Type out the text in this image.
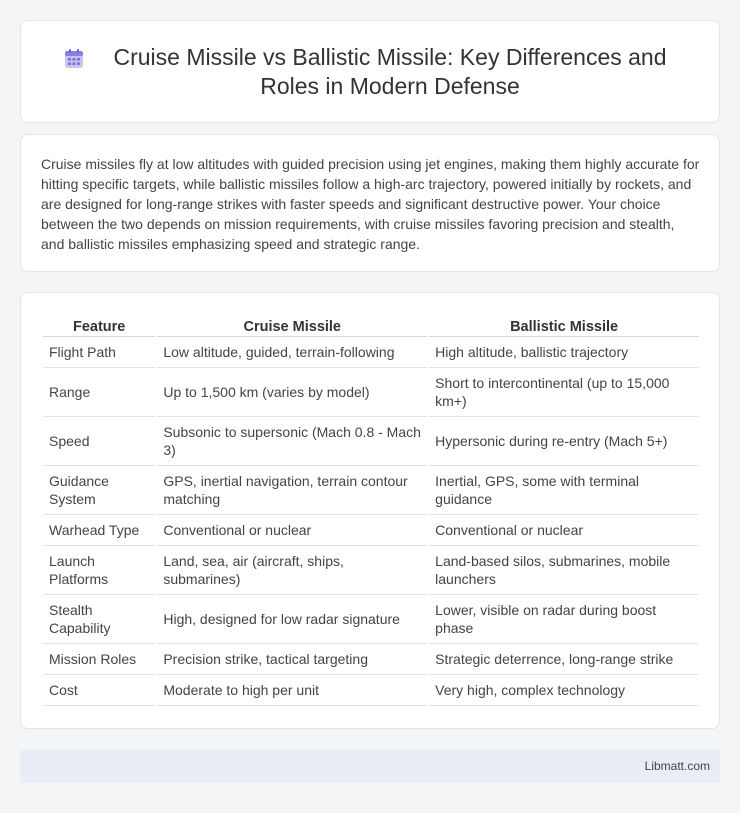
Cruise Missile vs Ballistic Missile: Key Differences and Roles in Modern Defense

Cruise missiles fly at low altitudes with guided precision using jet engines, making them highly accurate for hitting specific targets, while ballistic missiles follow a high-arc trajectory, powered initially by rockets, and are designed for long-range strikes with faster speeds and significant destructive power. Your choice between the two depends on mission requirements, with cruise missiles favoring precision and stealth, and ballistic missiles emphasizing speed and strategic range.

Feature	Cruise Missile	Ballistic Missile
Flight Path	Low altitude, guided, terrain-following	High altitude, ballistic trajectory
Range	Up to 1,500 km (varies by model)	Short to intercontinental (up to 15,000 km+)
Speed	Subsonic to supersonic (Mach 0.8 - Mach 3)	Hypersonic during re-entry (Mach 5+)
Guidance System	GPS, inertial navigation, terrain contour matching	Inertial, GPS, some with terminal guidance
Warhead Type	Conventional or nuclear	Conventional or nuclear
Launch Platforms	Land, sea, air (aircraft, ships, submarines)	Land-based silos, submarines, mobile launchers
Stealth Capability	High, designed for low radar signature	Lower, visible on radar during boost phase
Mission Roles	Precision strike, tactical targeting	Strategic deterrence, long-range strike
Cost	Moderate to high per unit	Very high, complex technology
Libmatt.com
